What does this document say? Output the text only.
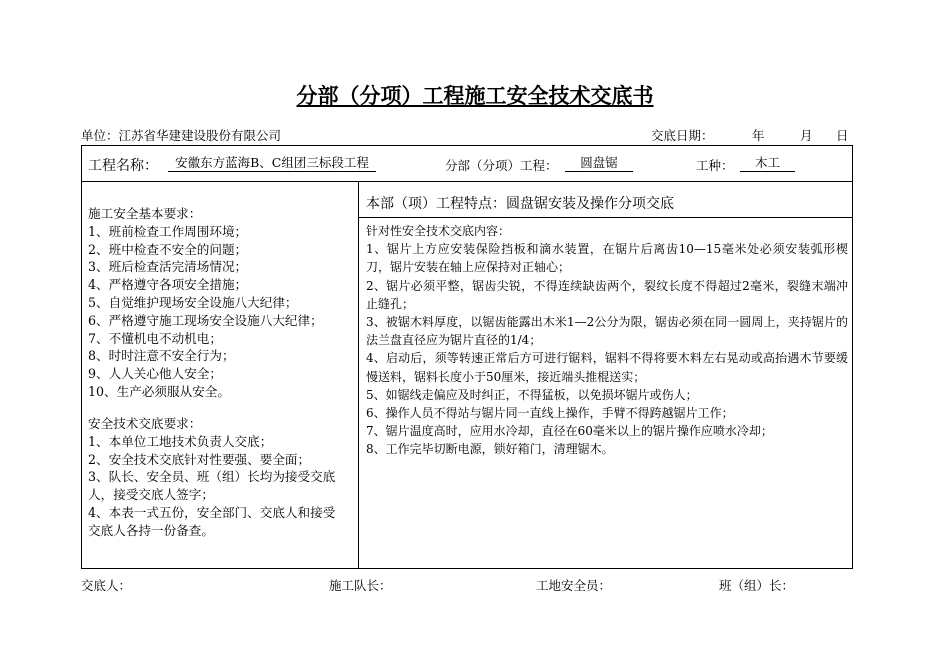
分部（分项）工程施工安全技术交底书
单位：江苏省华建建设股份有限公司	交底日期：	年	月 日
工程名称：	安徽东方蓝海B、C组团三标段工程	分部（分项）工程：	圆盘锯	工种：	木工
施工安全基本要求：
1、班前检查工作周围环境；
2、班中检查不安全的问题；
3、班后检查活完清场情况；
4、严格遵守各项安全措施；
5、自觉维护现场安全设施八大纪律；
6、严格遵守施工现场安全设施八大纪律；
7、不懂机电不动机电；
8、时时注意不安全行为；
9、人人关心他人安全；
10、生产必须服从安全。
安全技术交底要求：
1、本单位工地技术负责人交底；
2、安全技术交底针对性要强、要全面；
3、队长、安全员、班（组）长均为接受交底
人，接受交底人签字；
4、本表一式五份，安全部门、交底人和接受
交底人各持一份备查。
本部（项）工程特点：圆盘锯安装及操作分项交底
针对性安全技术交底内容：
1、锯片上方应安装保险挡板和滴水装置，在锯片后离齿10—15毫米处必须安装弧形楔刀，锯片安装在轴上应保持对正轴心；
2、锯片必须平整，锯齿尖锐，不得连续缺齿两个，裂纹长度不得超过2毫米，裂缝末端冲止缝孔；
3、被锯木料厚度，以锯齿能露出木米1—2公分为限，锯齿必须在同一圆周上，夹持锯片的法兰盘直径应为锯片直径的1/4；
4、启动后，须等转速正常后方可进行锯料，锯料不得将要木料左右晃动或高抬遇木节要缓慢送料，锯料长度小于50厘米，接近端头推棍送实；
5、如锯线走偏应及时纠正，不得猛板，以免损坏锯片或伤人；
6、操作人员不得站与锯片同一直线上操作，手臂不得跨越锯片工作；
7、锯片温度高时，应用水冷却，直径在60毫米以上的锯片操作应喷水冷却；
8、工作完毕切断电源，锁好箱门，清理锯木。
交底人：	施工队长：	工地安全员：	班（组）长：
